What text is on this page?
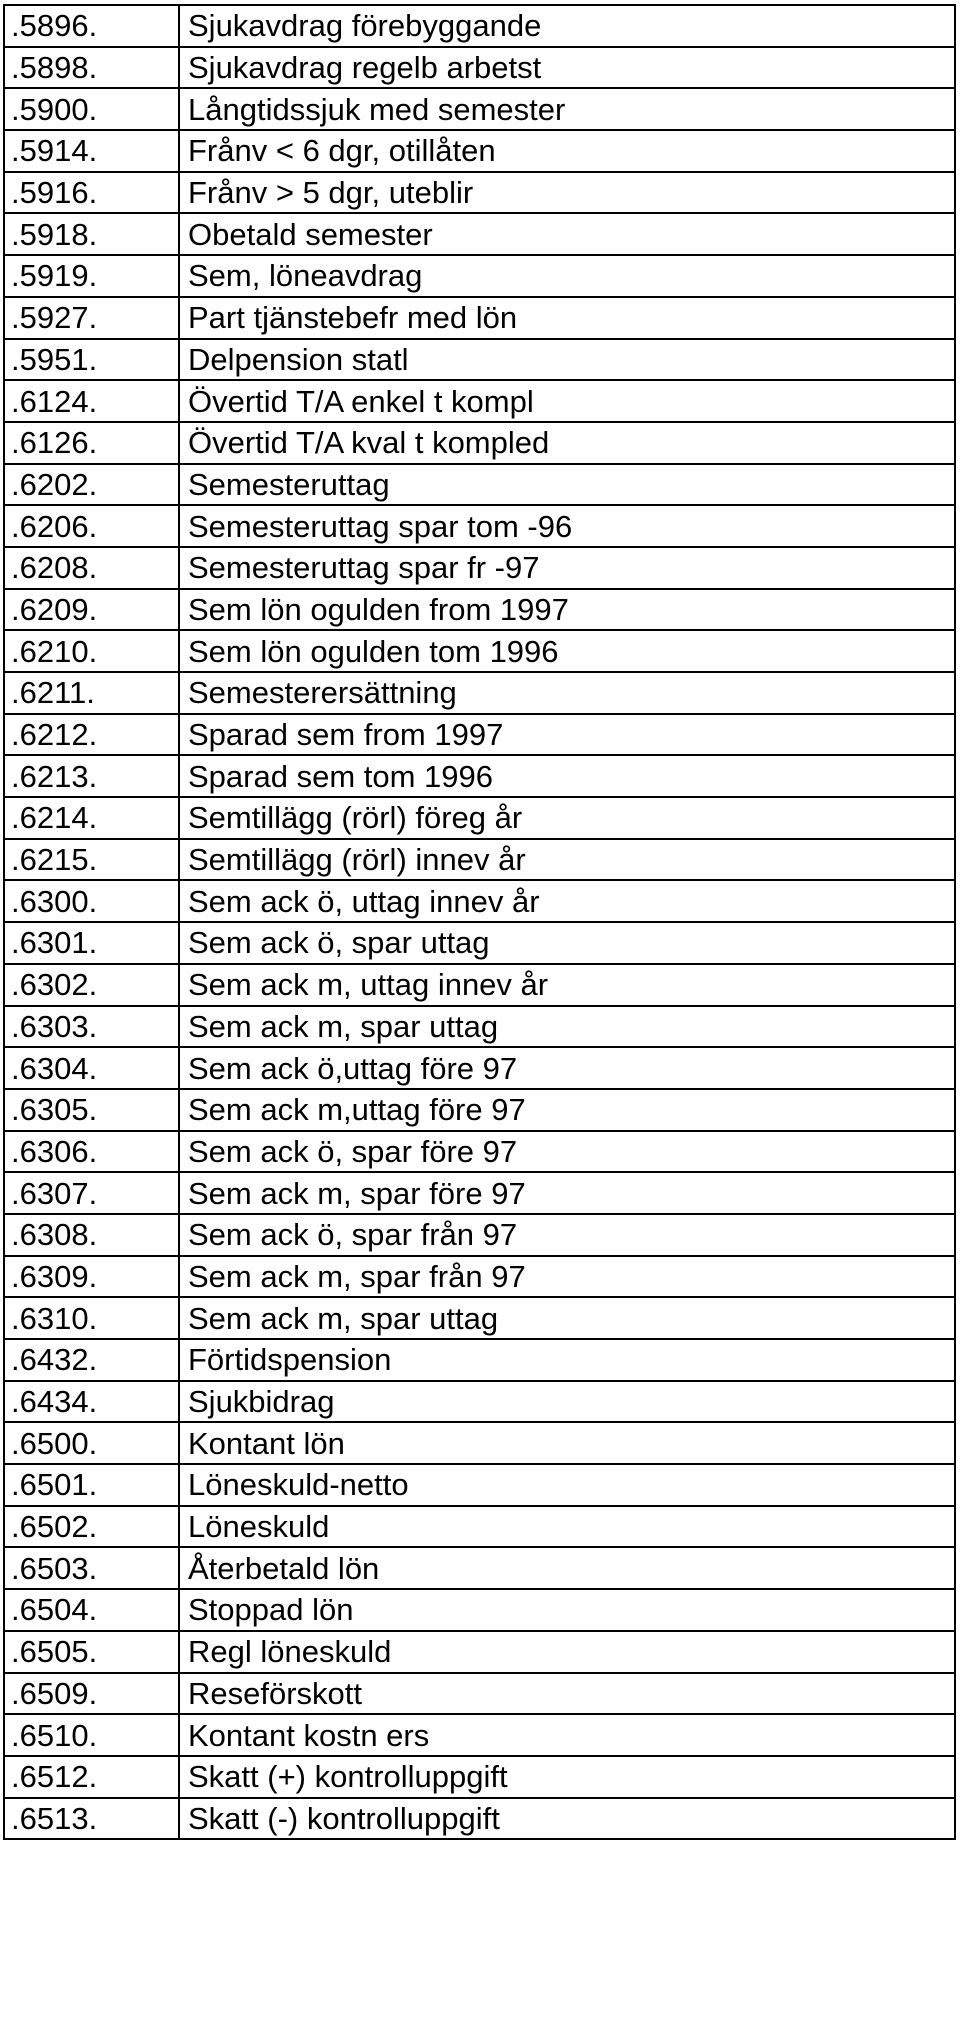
.5896.	Sjukavdrag förebyggande
.5898.	Sjukavdrag regelb arbetst
.5900.	Långtidssjuk med semester
.5914.	Frånv < 6 dgr, otillåten
.5916.	Frånv > 5 dgr, uteblir
.5918.	Obetald semester
.5919.	Sem, löneavdrag
.5927.	Part tjänstebefr med lön
.5951.	Delpension statl
.6124.	Övertid T/A enkel t kompl
.6126.	Övertid T/A kval t kompled
.6202.	Semesteruttag
.6206.	Semesteruttag spar tom -96
.6208.	Semesteruttag spar fr -97
.6209.	Sem lön ogulden from 1997
.6210.	Sem lön ogulden tom 1996
.6211.	Semesterersättning
.6212.	Sparad sem from 1997
.6213.	Sparad sem tom 1996
.6214.	Semtillägg (rörl) föreg år
.6215.	Semtillägg (rörl) innev år
.6300.	Sem ack ö, uttag innev år
.6301.	Sem ack ö, spar uttag
.6302.	Sem ack m, uttag innev år
.6303.	Sem ack m, spar uttag
.6304.	Sem ack ö,uttag före 97
.6305.	Sem ack m,uttag före 97
.6306.	Sem ack ö, spar före 97
.6307.	Sem ack m, spar före 97
.6308.	Sem ack ö, spar från 97
.6309.	Sem ack m, spar från 97
.6310.	Sem ack m, spar uttag
.6432.	Förtidspension
.6434.	Sjukbidrag
.6500.	Kontant lön
.6501.	Löneskuld-netto
.6502.	Löneskuld
.6503.	Återbetald lön
.6504.	Stoppad lön
.6505.	Regl löneskuld
.6509.	Reseförskott
.6510.	Kontant kostn ers
.6512.	Skatt (+) kontrolluppgift
.6513.	Skatt (-) kontrolluppgift
